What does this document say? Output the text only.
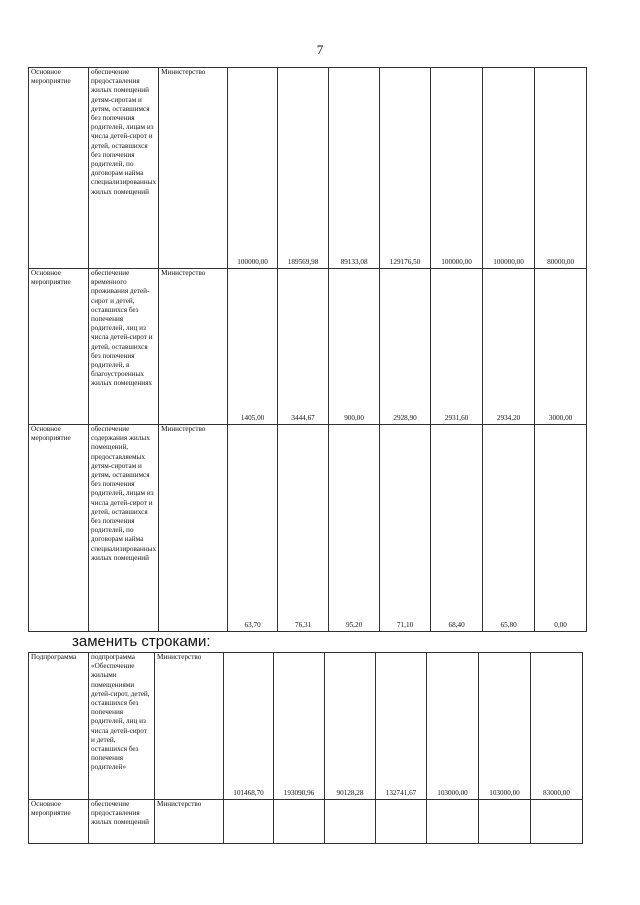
7
Основное мероприятие	обеспечение предоставления жилых помещений детям-сиротам и детям, оставшимся без попечения родителей, лицам из числа детей-сирот и детей, оставшихся без попечения родителей, по договорам найма специализированных жилых помещений	Министерство	100000,00	189569,98	89133,08	129176,50	100000,00	100000,00	80000,00
Основное мероприятие	обеспечение временного проживания детей-сирот и детей, оставшихся без попечения родителей, лиц из числа детей-сирот и детей, оставшихся без попечения родителей, в благоустроенных жилых помещениях	Министерство	1405,00	3444,67	900,00	2928,90	2931,60	2934,20	3000,00
Основное мероприятие	обеспечение содержания жилых помещений, предоставляемых детям-сиротам и детям, оставшимся без попечения родителей, лицам из числа детей-сирот и детей, оставшихся без попечения родителей, по договорам найма специализированных жилых помещений	Министерство	63,70	76,31	95,20	71,10	68,40	65,80	0,00
заменить строками:
Подпрограмма	подпрограмма «Обеспечение жилыми помещениями детей-сирот, детей, оставшихся без попечения родителей, лиц из числа детей-сирот и детей, оставшихся без попечения родителей»	Министерство	101468,70	193090,96	90128,28	132741,67	103000,00	103000,00	83000,00
Основное мероприятие	обеспечение предоставления жилых помещений	Министерство							
